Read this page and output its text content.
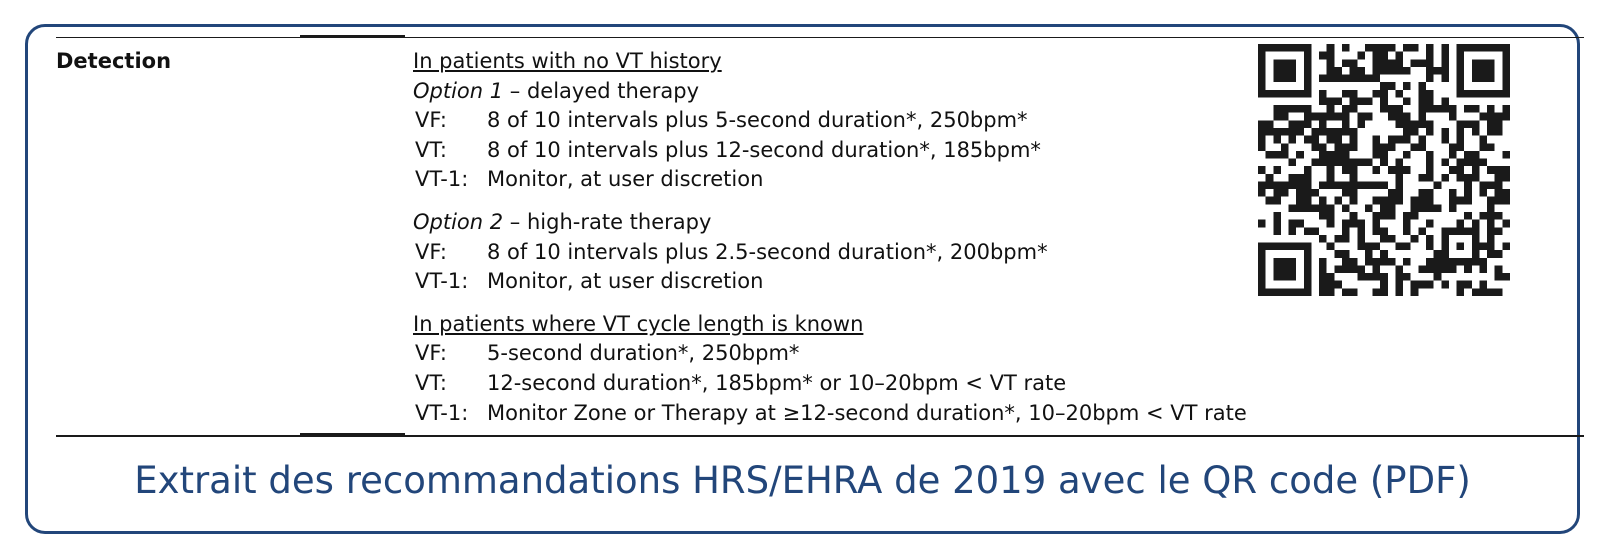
Detection	In patients with no VT history
Option 1 – delayed therapy
VF:	8 of 10 intervals plus 5-second duration*, 250bpm*
VT:	8 of 10 intervals plus 12-second duration*, 185bpm*
VT-1: Monitor, at user discretion
Option 2 – high-rate therapy
VF:	8 of 10 intervals plus 2.5-second duration*, 200bpm*
VT-1: Monitor, at user discretion
In patients where VT cycle length is known
VF:	5-second duration*, 250bpm*
VT:	12-second duration*, 185bpm* or 10–20bpm < VT rate
VT-1: Monitor Zone or Therapy at ≥12-second duration*, 10–20bpm < VT rate
Extrait des recommandations HRS/EHRA de 2019 avec le QR code (PDF)
